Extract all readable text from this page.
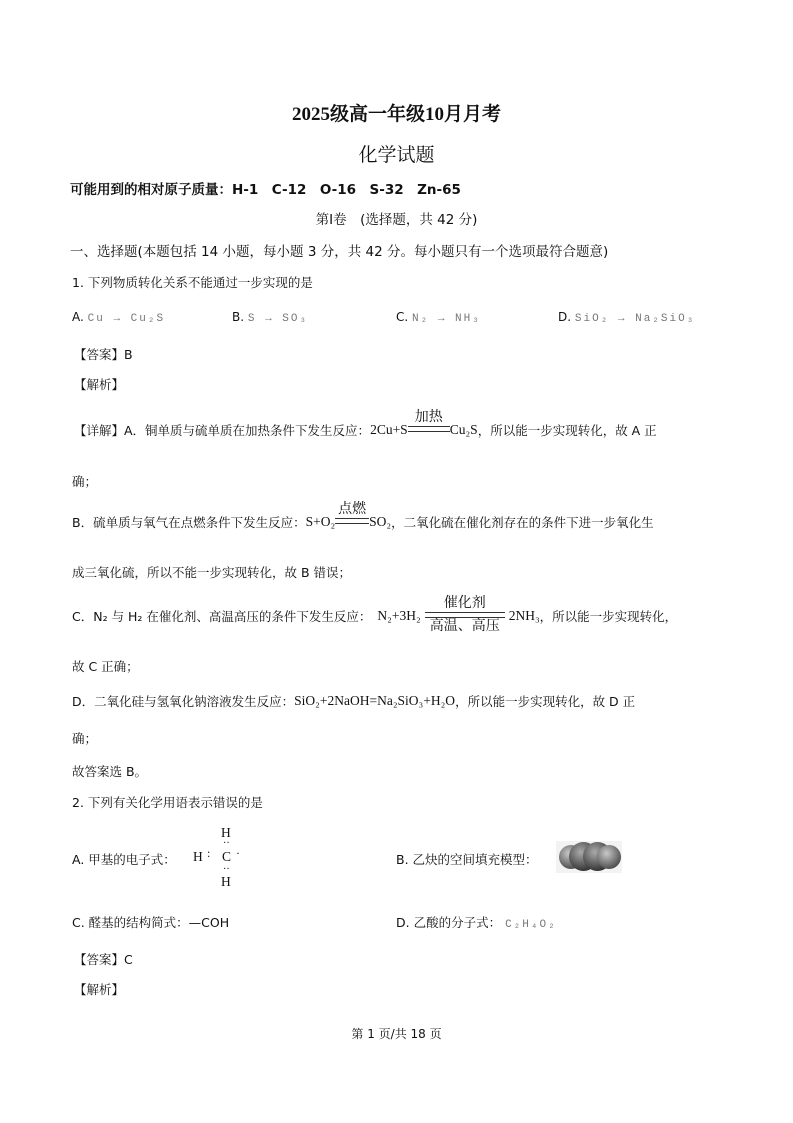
2025级高一年级10月月考
化学试题
可能用到的相对原子质量：H-1　C-12　O-16　S-32　Zn-65
第Ⅰ卷　(选择题，共 42 分)
一、选择题(本题包括 14 小题，每小题 3 分，共 42 分。每小题只有一个选项最符合题意)
1. 下列物质转化关系不能通过一步实现的是
A. Cu → Cu₂S	B. S → SO₃	C. N₂ → NH₃	D. SiO₂ → Na₂SiO₃
【答案】B
【解析】
【详解】A．铜单质与硫单质在加热条件下发生反应： 2Cu+S
加热

Cu₂S ，所以能一步实现转化，故 A 正
确；
B．硫单质与氧气在点燃条件下发生反应： S+O₂
点燃

SO₂ ，二氧化硫在催化剂存在的条件下进一步氧化生
成三氧化硫，所以不能一步实现转化，故 B 错误；
C．N₂ 与 H₂ 在催化剂、高温高压的条件下发生反应： N₂+3H₂
催化剂
高温、高压
2NH₃ ，所以能一步实现转化，
故 C 正确；
D．二氧化硅与氢氧化钠溶液发生反应： SiO₂+2NaOH=Na₂SiO₃+H₂O ，所以能一步实现转化，故 D 正
确；
故答案选 B。
2. 下列有关化学用语表示错误的是
A. 甲基的电子式：
H
H : C ·
··
··
H
B. 乙炔的空间填充模型：
C. 醛基的结构简式：—COH	D. 乙酸的分子式： C₂H₄O₂
【答案】C
【解析】
第 1 页/共 18 页
